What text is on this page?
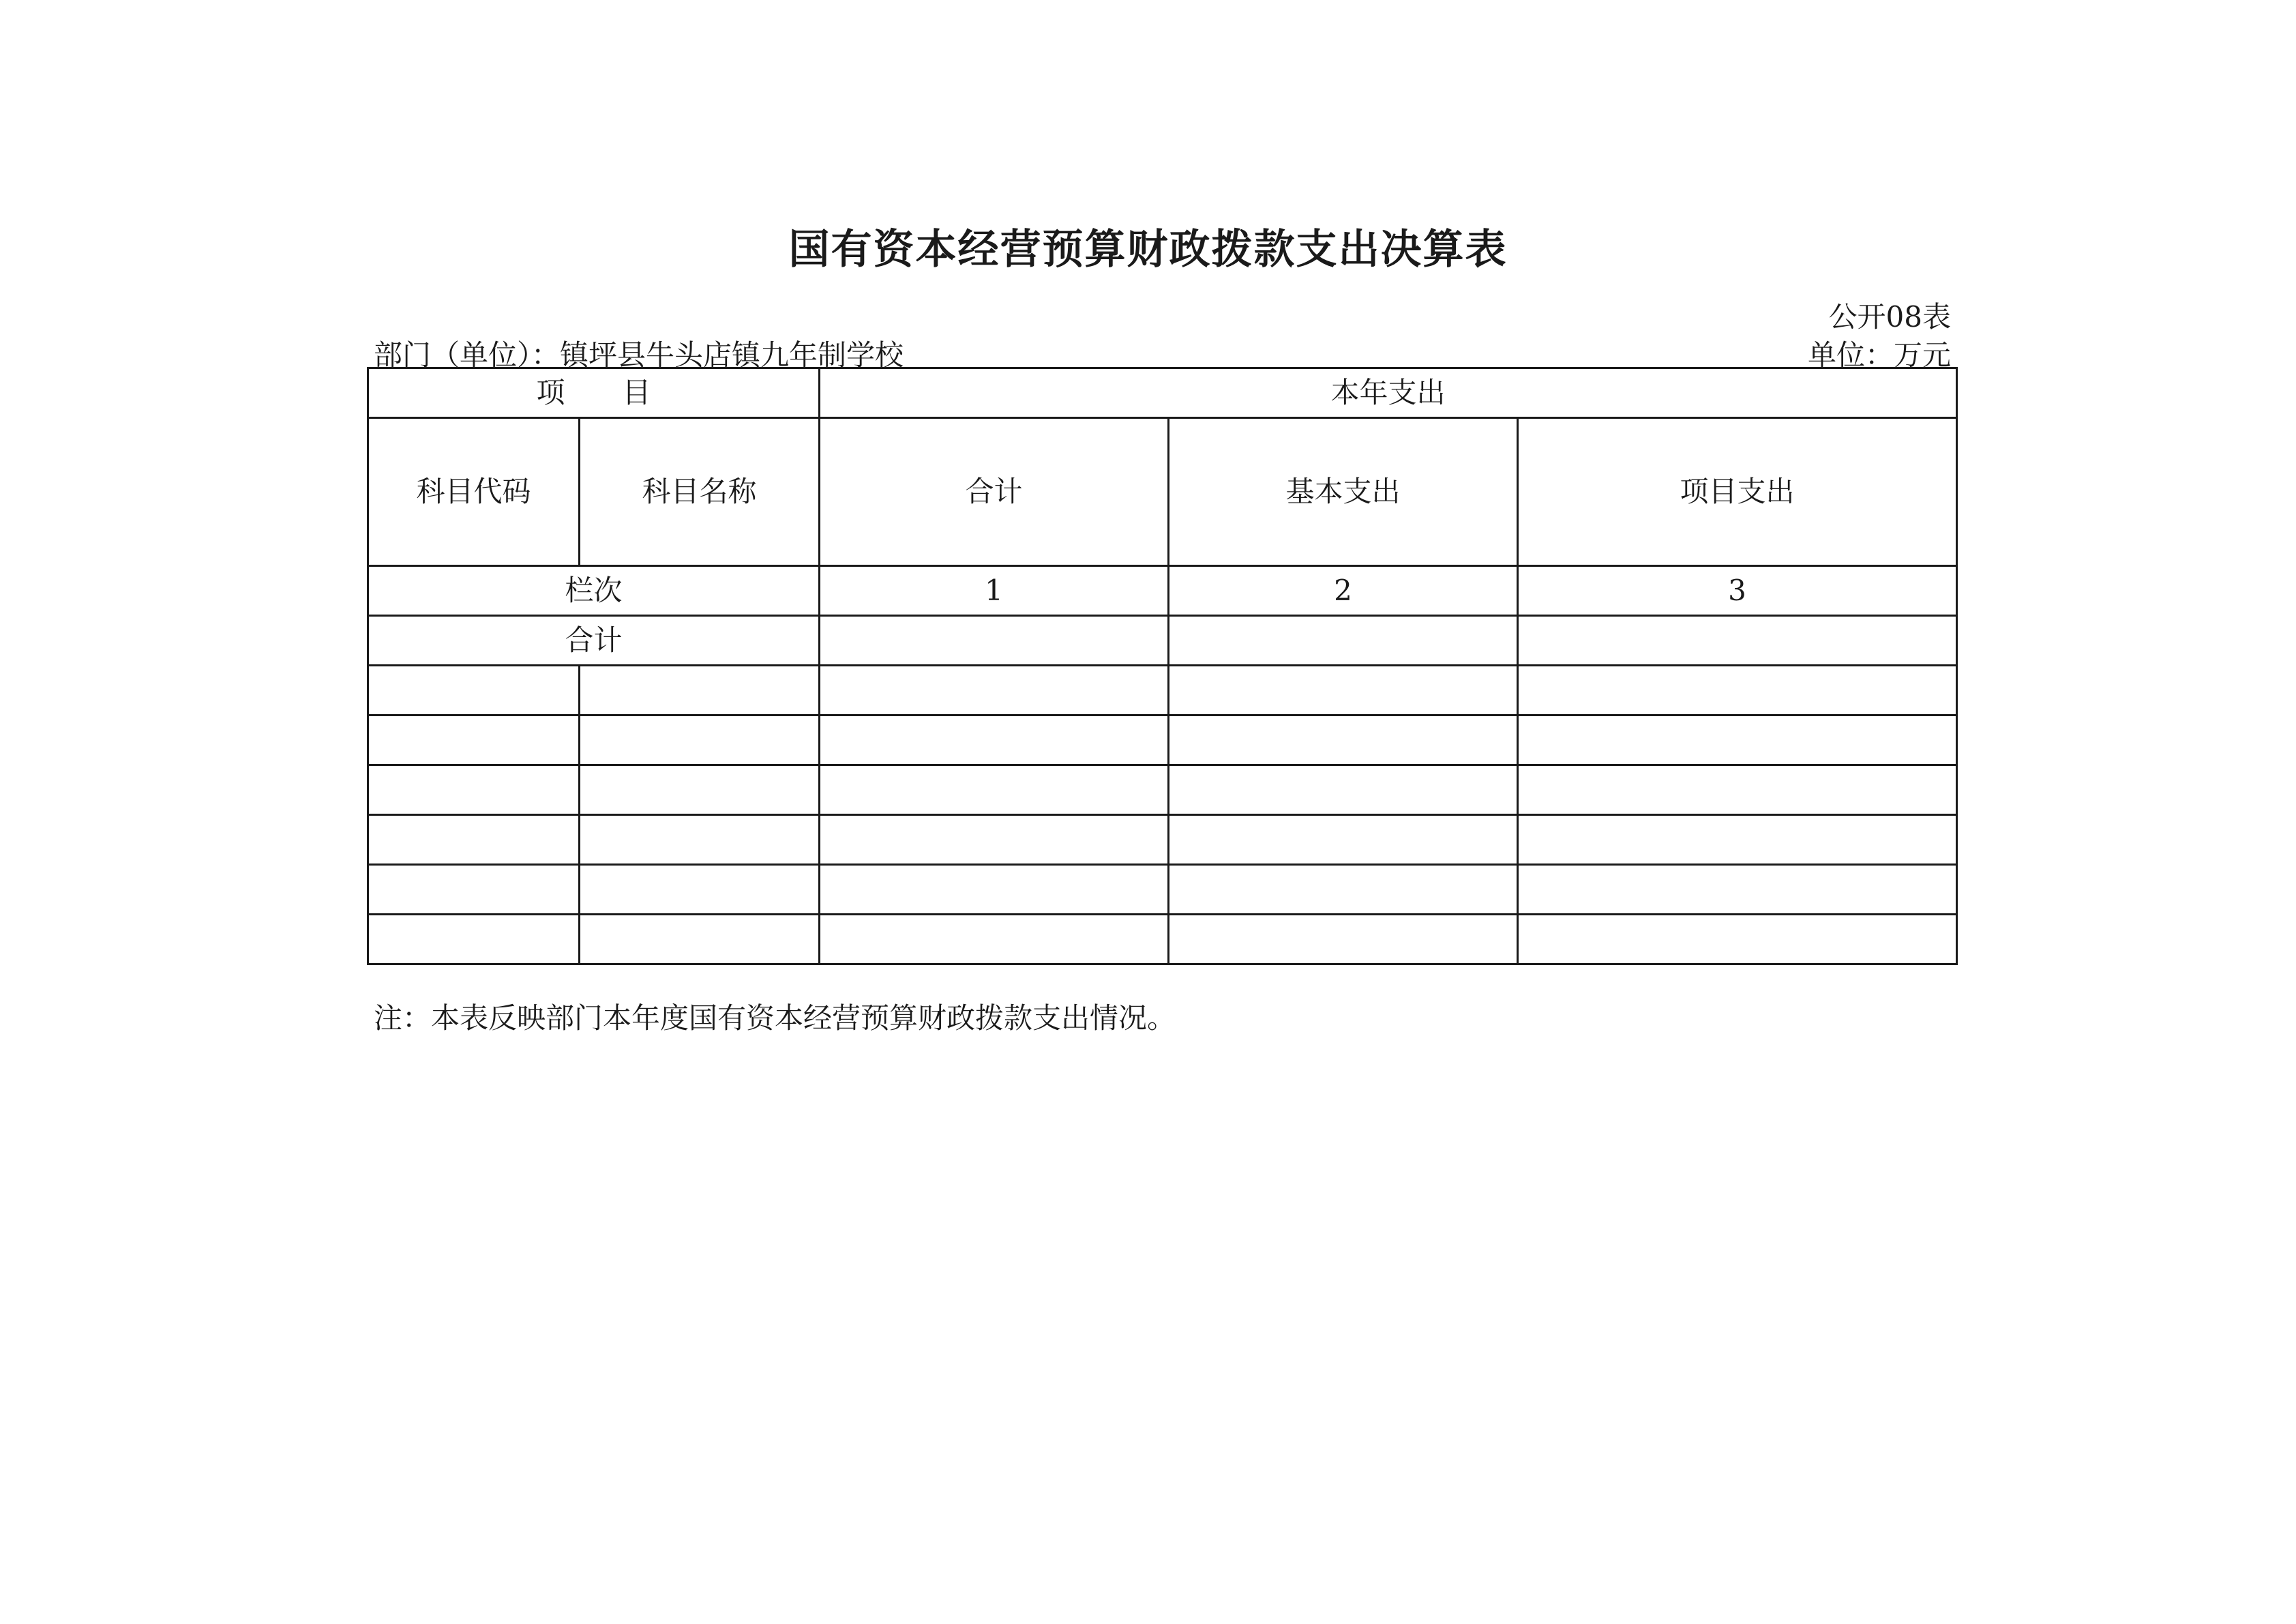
国有资本经营预算财政拨款支出决算表
公开08表
部门（单位）：镇坪县牛头店镇九年制学校	单位：万元
项　　目		本年支出		
科目代码	科目名称	合计	基本支出	项目支出
栏次		1	2	3
合计				

注：本表反映部门本年度国有资本经营预算财政拨款支出情况。
